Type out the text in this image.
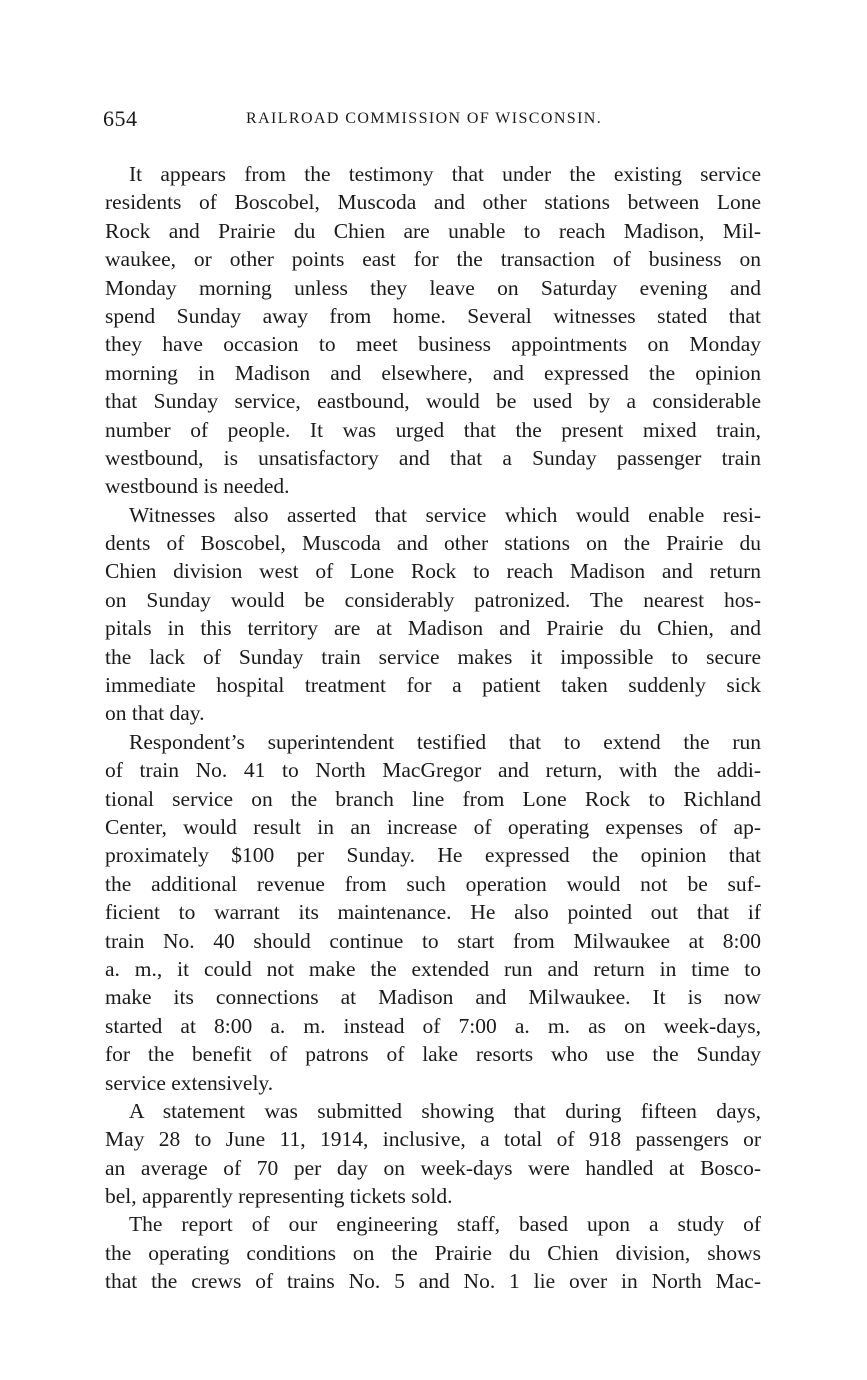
654	RAILROAD COMMISSION OF WISCONSIN.

It appears from the testimony that under the existing service
residents of Boscobel, Muscoda and other stations between Lone
Rock and Prairie du Chien are unable to reach Madison, Mil-
waukee, or other points east for the transaction of business on
Monday morning unless they leave on Saturday evening and
spend Sunday away from home. Several witnesses stated that
they have occasion to meet business appointments on Monday
morning in Madison and elsewhere, and expressed the opinion
that Sunday service, eastbound, would be used by a considerable
number of people. It was urged that the present mixed train,
westbound, is unsatisfactory and that a Sunday passenger train
westbound is needed.

Witnesses also asserted that service which would enable resi-
dents of Boscobel, Muscoda and other stations on the Prairie du
Chien division west of Lone Rock to reach Madison and return
on Sunday would be considerably patronized. The nearest hos-
pitals in this territory are at Madison and Prairie du Chien, and
the lack of Sunday train service makes it impossible to secure
immediate hospital treatment for a patient taken suddenly sick
on that day.

Respondent’s superintendent testified that to extend the run
of train No. 41 to North MacGregor and return, with the addi-
tional service on the branch line from Lone Rock to Richland
Center, would result in an increase of operating expenses of ap-
proximately $100 per Sunday. He expressed the opinion that
the additional revenue from such operation would not be suf-
ficient to warrant its maintenance. He also pointed out that if
train No. 40 should continue to start from Milwaukee at 8:00
a. m., it could not make the extended run and return in time to
make its connections at Madison and Milwaukee. It is now
started at 8:00 a. m. instead of 7:00 a. m. as on week-days,
for the benefit of patrons of lake resorts who use the Sunday
service extensively.

A statement was submitted showing that during fifteen days,
May 28 to June 11, 1914, inclusive, a total of 918 passengers or
an average of 70 per day on week-days were handled at Bosco-
bel, apparently representing tickets sold.

The report of our engineering staff, based upon a study of
the operating conditions on the Prairie du Chien division, shows
that the crews of trains No. 5 and No. 1 lie over in North Mac-
